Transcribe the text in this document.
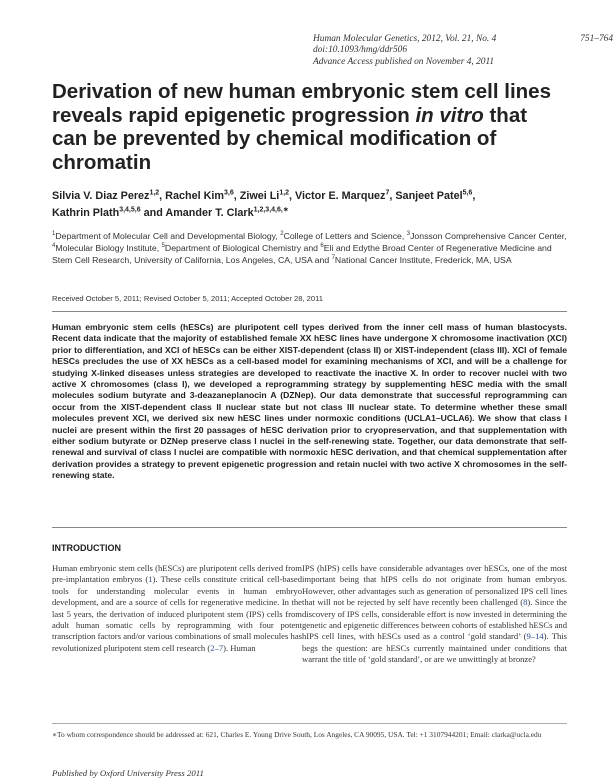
Human Molecular Genetics, 2012, Vol. 21, No. 4	751–764
doi:10.1093/hmg/ddr506
Advance Access published on November 4, 2011
Derivation of new human embryonic stem cell lines reveals rapid epigenetic progression in vitro that can be prevented by chemical modification of chromatin
Silvia V. Diaz Perez$^{1,2}$, Rachel Kim$^{3,6}$, Ziwei Li$^{1,2}$, Victor E. Marquez$^7$, Sanjeet Patel$^{5,6}$,
Kathrin Plath$^{3,4,5,6}$ and Amander T. Clark$^{1,2,3,4,6,∗}$
$^1$Department of Molecular Cell and Developmental Biology, $^2$College of Letters and Science, $^3$Jonsson Comprehensive Cancer Center, $^4$Molecular Biology Institute, $^5$Department of Biological Chemistry and $^6$Eli and Edythe Broad Center of Regenerative Medicine and Stem Cell Research, University of California, Los Angeles, CA, USA and $^7$National Cancer Institute, Frederick, MA, USA
Received October 5, 2011; Revised October 5, 2011; Accepted October 28, 2011
Human embryonic stem cells (hESCs) are pluripotent cell types derived from the inner cell mass of human blastocysts. Recent data indicate that the majority of established female XX hESC lines have undergone X chromosome inactivation (XCI) prior to differentiation, and XCI of hESCs can be either XIST-dependent (class II) or XIST-independent (class III). XCI of female hESCs precludes the use of XX hESCs as a cell-based model for examining mechanisms of XCI, and will be a challenge for studying X-linked diseases unless strategies are developed to reactivate the inactive X. In order to recover nuclei with two active X chromosomes (class I), we developed a reprogramming strategy by supplementing hESC media with the small molecules sodium butyrate and 3-deazaneplanocin A (DZNep). Our data demonstrate that successful reprogramming can occur from the XIST-dependent class II nuclear state but not class III nuclear state. To determine whether these small molecules prevent XCI, we derived six new hESC lines under normoxic conditions (UCLA1–UCLA6). We show that class I nuclei are present within the first 20 passages of hESC derivation prior to cryopreservation, and that supplementation with either sodium butyrate or DZNep preserve class I nuclei in the self-renewing state. Together, our data demonstrate that self-renewal and survival of class I nuclei are compatible with normoxic hESC derivation, and that chemical supplementation after derivation provides a strategy to prevent epigenetic progression and retain nuclei with two active X chromosomes in the self-renewing state.
INTRODUCTION
Human embryonic stem cells (hESCs) are pluripotent cells derived from pre-implantation embryos (1). These cells constitute critical cell-based tools for understanding molecular events in human embryo development, and are a source of cells for regenerative medicine. In the last 5 years, the derivation of induced pluripotent stem (IPS) cells from adult human somatic cells by reprogramming with four potent transcription factors and/or various combinations of small molecules has revolutionized pluripotent stem cell research (2–7). Human
IPS (hIPS) cells have considerable advantages over hESCs, one of the most important being that hIPS cells do not originate from human embryos. However, other advantages such as generation of personalized IPS cell lines that will not be rejected by self have recently been challenged (8). Since the discovery of IPS cells, considerable effort is now invested in determining the genetic and epigenetic differences between cohorts of established hESCs and hIPS cell lines, with hESCs used as a control ‘gold standard’ (9–14). This begs the question: are hESCs currently maintained under conditions that warrant the title of ‘gold standard’, or are we unwittingly at bronze?
∗To whom correspondence should be addressed at: 621, Charles E. Young Drive South, Los Angeles, CA 90095, USA. Tel: +1 3107944201; Email: clarka@ucla.edu
Published by Oxford University Press 2011
